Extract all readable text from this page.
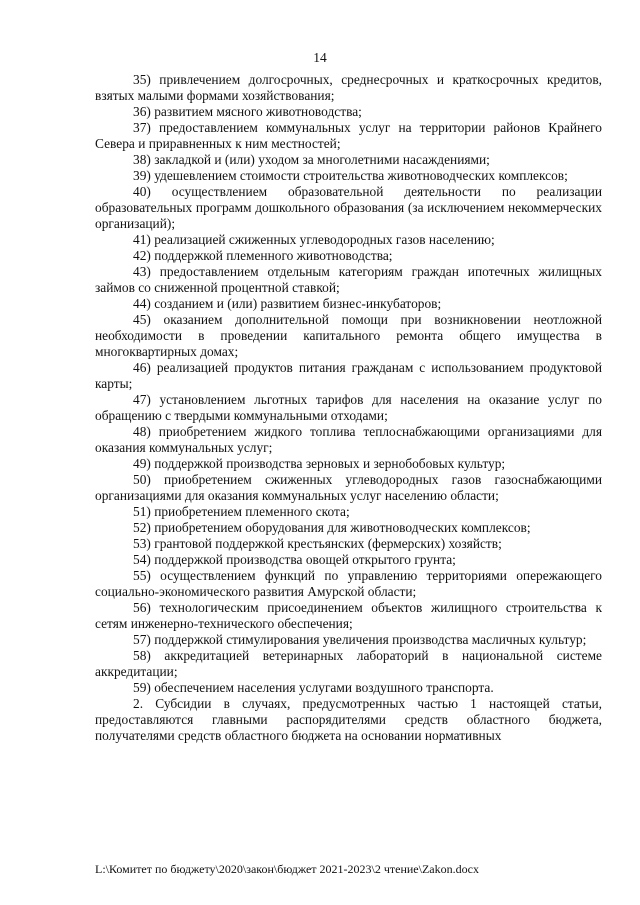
14

35) привлечением долгосрочных, среднесрочных и краткосрочных кредитов, взятых малыми формами хозяйствования;

36) развитием мясного животноводства;

37) предоставлением коммунальных услуг на территории районов Крайнего Севера и приравненных к ним местностей;

38) закладкой и (или) уходом за многолетними насаждениями;

39) удешевлением стоимости строительства животноводческих комплексов;

40) осуществлением образовательной деятельности по реализации образовательных программ дошкольного образования (за исключением некоммерческих организаций);

41) реализацией сжиженных углеводородных газов населению;

42) поддержкой племенного животноводства;

43) предоставлением отдельным категориям граждан ипотечных жилищных займов со сниженной процентной ставкой;

44) созданием и (или) развитием бизнес-инкубаторов;

45) оказанием дополнительной помощи при возникновении неотложной необходимости в проведении капитального ремонта общего имущества в многоквартирных домах;

46) реализацией продуктов питания гражданам с использованием продуктовой карты;

47) установлением льготных тарифов для населения на оказание услуг по обращению с твердыми коммунальными отходами;

48) приобретением жидкого топлива теплоснабжающими организациями для оказания коммунальных услуг;

49) поддержкой производства зерновых и зернобобовых культур;

50) приобретением сжиженных углеводородных газов газоснабжающими организациями для оказания коммунальных услуг населению области;

51) приобретением племенного скота;

52) приобретением оборудования для животноводческих комплексов;

53) грантовой поддержкой крестьянских (фермерских) хозяйств;

54) поддержкой производства овощей открытого грунта;

55) осуществлением функций по управлению территориями опережающего социально-экономического развития Амурской области;

56) технологическим присоединением объектов жилищного строительства к сетям инженерно-технического обеспечения;

57) поддержкой стимулирования увеличения производства масличных культур;

58) аккредитацией ветеринарных лабораторий в национальной системе аккредитации;

59) обеспечением населения услугами воздушного транспорта.

2. Субсидии в случаях, предусмотренных частью 1 настоящей статьи, предоставляются главными распорядителями средств областного бюджета, получателями средств областного бюджета на основании нормативных

L:\Комитет по бюджету\2020\закон\бюджет 2021-2023\2 чтение\Zakon.docx
